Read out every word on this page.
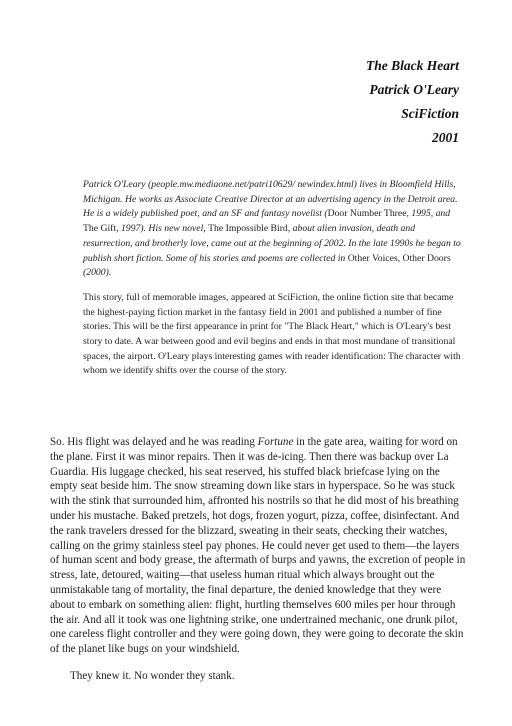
The Black Heart
Patrick O'Leary
SciFiction
2001

Patrick O'Leary (people.mw.mediaone.net/patri10629/ newindex.html) lives in Bloomfield Hills, Michigan. He works as Associate Creative Director at an advertising agency in the Detroit area. He is a widely published poet, and an SF and fantasy novelist (Door Number Three, 1995, and The Gift, 1997). His new novel, The Impossible Bird, about alien invasion, death and resurrection, and brotherly love, came out at the beginning of 2002. In the late 1990s he began to publish short fiction. Some of his stories and poems are collected in Other Voices, Other Doors (2000).

This story, full of memorable images, appeared at SciFiction, the online fiction site that became the highest-paying fiction market in the fantasy field in 2001 and published a number of fine stories. This will be the first appearance in print for "The Black Heart," which is O'Leary's best story to date. A war between good and evil begins and ends in that most mundane of transitional spaces, the airport. O'Leary plays interesting games with reader identification: The character with whom we identify shifts over the course of the story.

So. His flight was delayed and he was reading Fortune in the gate area, waiting for word on the plane. First it was minor repairs. Then it was de-icing. Then there was backup over La Guardia. His luggage checked, his seat reserved, his stuffed black briefcase lying on the empty seat beside him. The snow streaming down like stars in hyperspace. So he was stuck with the stink that surrounded him, affronted his nostrils so that he did most of his breathing under his mustache. Baked pretzels, hot dogs, frozen yogurt, pizza, coffee, disinfectant. And the rank travelers dressed for the blizzard, sweating in their seats, checking their watches, calling on the grimy stainless steel pay phones. He could never get used to them—the layers of human scent and body grease, the aftermath of burps and yawns, the excretion of people in stress, late, detoured, waiting—that useless human ritual which always brought out the unmistakable tang of mortality, the final departure, the denied knowledge that they were about to embark on something alien: flight, hurtling themselves 600 miles per hour through the air. And all it took was one lightning strike, one undertrained mechanic, one drunk pilot, one careless flight controller and they were going down, they were going to decorate the skin of the planet like bugs on your windshield.

They knew it. No wonder they stank.
